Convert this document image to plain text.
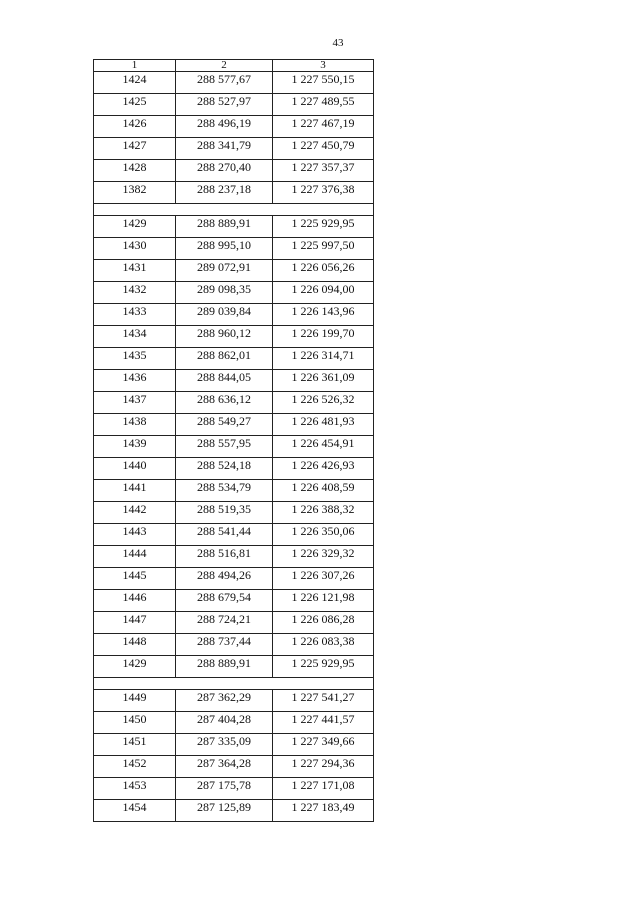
43
1	2	3
1424	288 577,67	1 227 550,15
1425	288 527,97	1 227 489,55
1426	288 496,19	1 227 467,19
1427	288 341,79	1 227 450,79
1428	288 270,40	1 227 357,37
1382	288 237,18	1 227 376,38

1429	288 889,91	1 225 929,95
1430	288 995,10	1 225 997,50
1431	289 072,91	1 226 056,26
1432	289 098,35	1 226 094,00
1433	289 039,84	1 226 143,96
1434	288 960,12	1 226 199,70
1435	288 862,01	1 226 314,71
1436	288 844,05	1 226 361,09
1437	288 636,12	1 226 526,32
1438	288 549,27	1 226 481,93
1439	288 557,95	1 226 454,91
1440	288 524,18	1 226 426,93
1441	288 534,79	1 226 408,59
1442	288 519,35	1 226 388,32
1443	288 541,44	1 226 350,06
1444	288 516,81	1 226 329,32
1445	288 494,26	1 226 307,26
1446	288 679,54	1 226 121,98
1447	288 724,21	1 226 086,28
1448	288 737,44	1 226 083,38
1429	288 889,91	1 225 929,95

1449	287 362,29	1 227 541,27
1450	287 404,28	1 227 441,57
1451	287 335,09	1 227 349,66
1452	287 364,28	1 227 294,36
1453	287 175,78	1 227 171,08
1454	287 125,89	1 227 183,49
